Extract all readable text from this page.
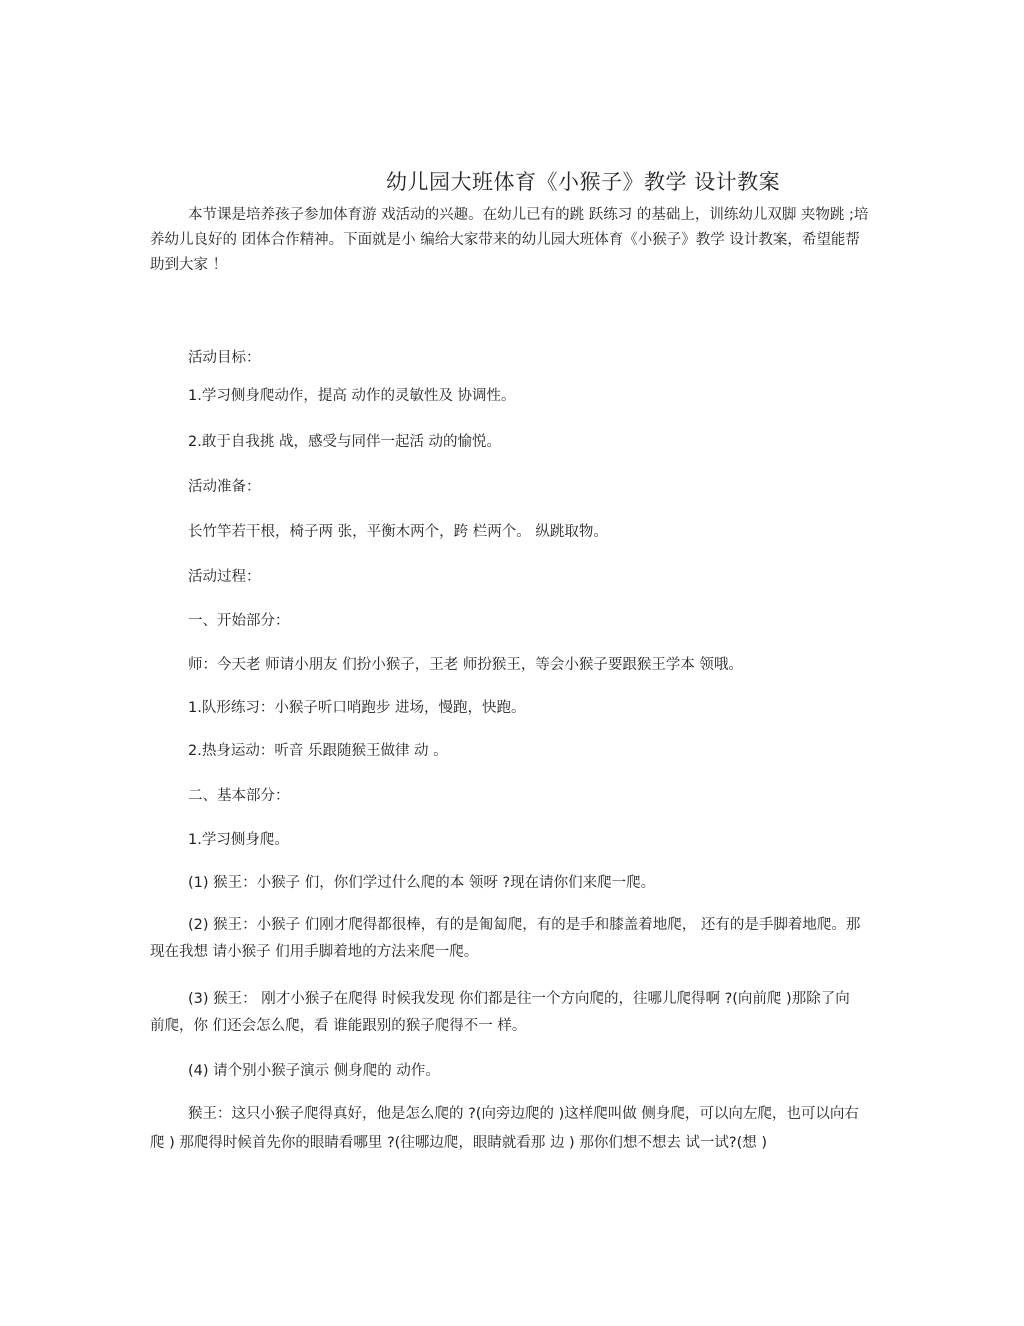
幼儿园大班体育《小猴子》教学 设计教案

本节课是培养孩子参加体育游 戏活动的兴趣。在幼儿已有的跳 跃练习 的基础上，训练幼儿双脚 夹物跳 ;培养幼儿良好的 团体合作精神。下面就是小 编给大家带来的幼儿园大班体育《小猴子》教学 设计教案，希望能帮助到大家 ！

活动目标：

1.学习侧身爬动作，提高 动作的灵敏性及 协调性。

2.敢于自我挑 战，感受与同伴一起活 动的愉悦。

活动准备：

长竹竿若干根，椅子两 张，平衡木两个，跨 栏两个。 纵跳取物。

活动过程：

一、开始部分：

师：今天老 师请小朋友 们扮小猴子，王老 师扮猴王，等会小猴子要跟猴王学本 领哦。

1.队形练习：小猴子听口哨跑步 进场，慢跑，快跑。

2.热身运动：听音 乐跟随猴王做律 动 。

二、基本部分：

1.学习侧身爬。

(1) 猴王：小猴子 们，你们学过什么爬的本 领呀 ?现在请你们来爬一爬。

(2) 猴王：小猴子 们刚才爬得都很棒，有的是匍匐爬，有的是手和膝盖着地爬， 还有的是手脚着地爬。那 现在我想 请小猴子 们用手脚着地的方法来爬一爬。

(3) 猴王： 刚才小猴子在爬得 时候我发现 你们都是往一个方向爬的，往哪儿爬得啊 ?(向前爬 )那除了向前爬，你 们还会怎么爬，看 谁能跟别的猴子爬得不一 样。

(4) 请个别小猴子演示 侧身爬的 动作。

猴王：这只小猴子爬得真好，他是怎么爬的 ?(向旁边爬的 )这样爬叫做 侧身爬，可以向左爬，也可以向右爬 ) 那爬得时候首先你的眼睛看哪里 ?(往哪边爬，眼睛就看那 边 ) 那你们想不想去 试一试?(想 )
